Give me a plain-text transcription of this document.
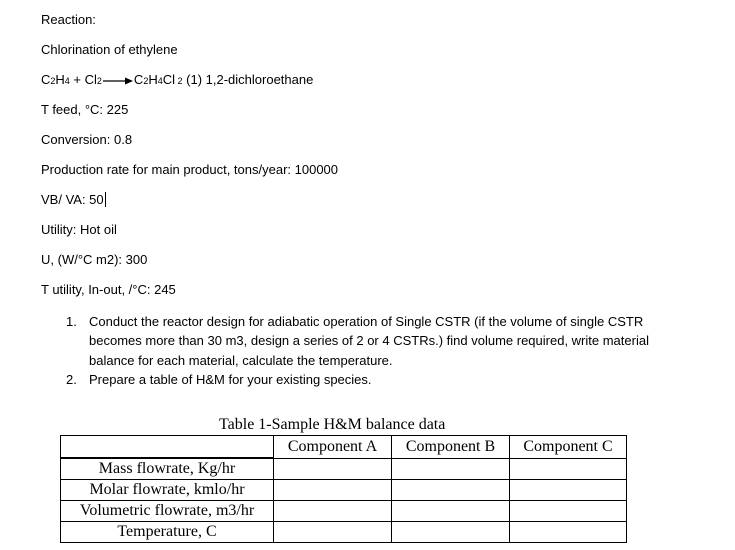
Reaction:
Chlorination of ethylene
C2H4 + Cl2 C2H4Cl 2 (1) 1,2-dichloroethane
T feed, °C: 225
Conversion: 0.8
Production rate for main product, tons/year: 100000
VB/ VA: 50
Utility: Hot oil
U, (W/°C m2): 300
T utility, In-out, /°C: 245
1. Conduct the reactor design for adiabatic operation of Single CSTR (if the volume of single CSTR becomes more than 30 m3, design a series of 2 or 4 CSTRs.) find volume required, write material balance for each material, calculate the temperature.
2. Prepare a table of H&M for your existing species.
Table 1-Sample H&M balance data
	Component A	Component B	Component C
Mass flowrate, Kg/hr			
Molar flowrate, kmlo/hr			
Volumetric flowrate, m3/hr			
Temperature, C			
